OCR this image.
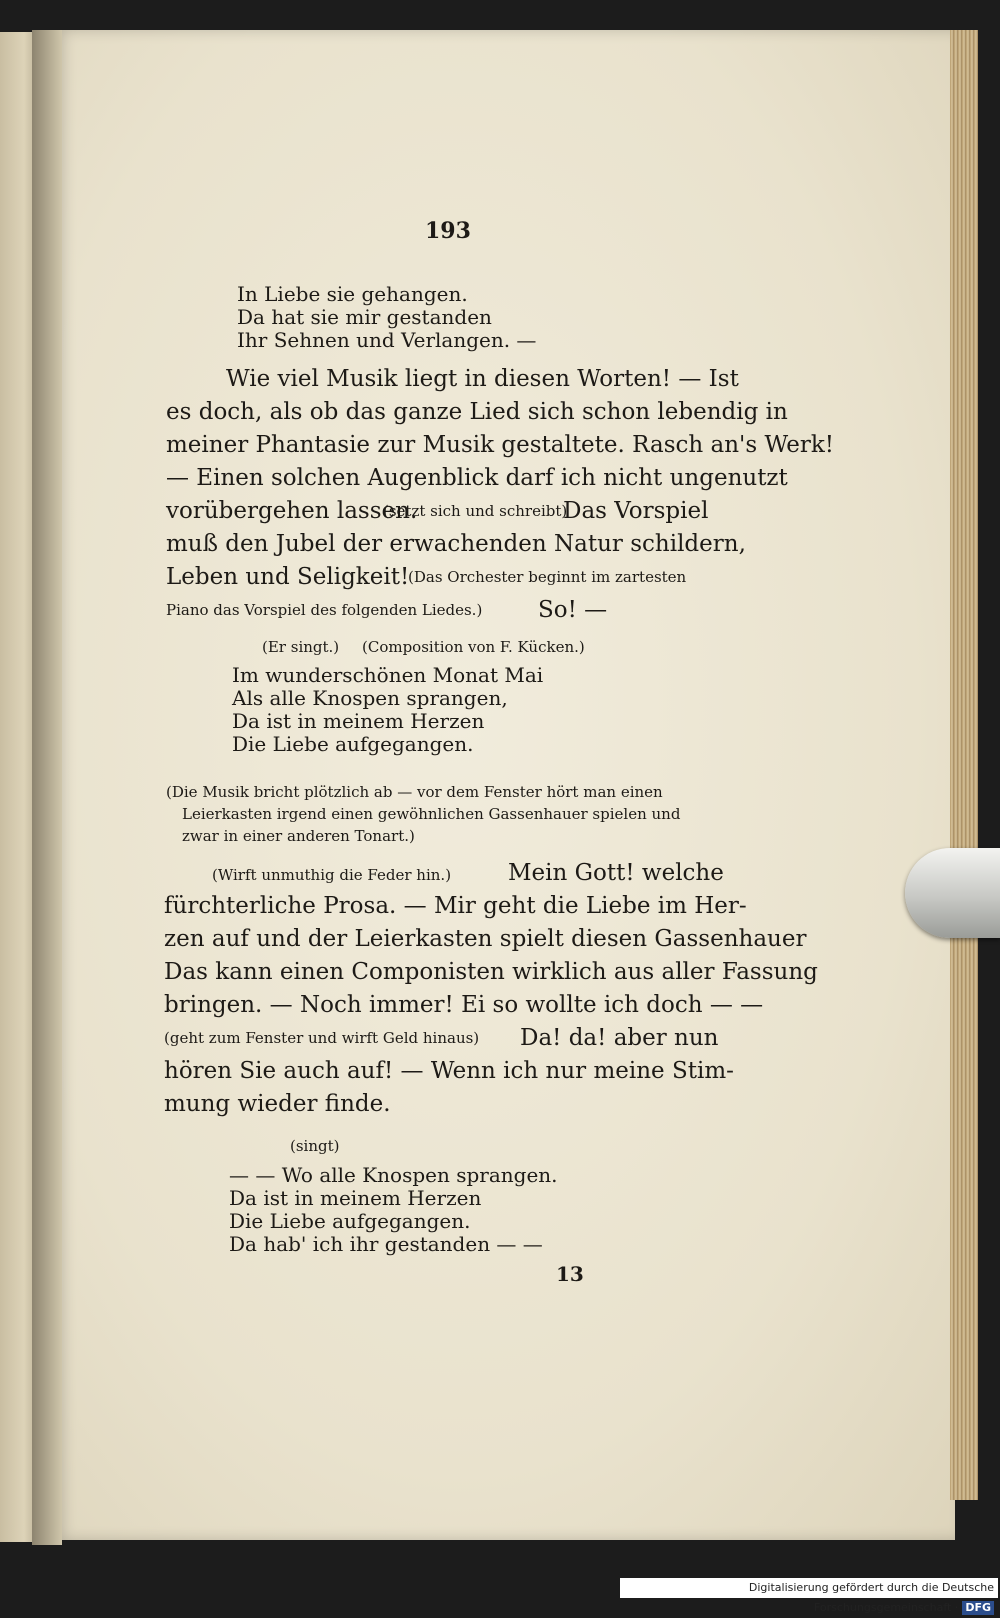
193
In Liebe sie gehangen.
Da hat sie mir gestanden
Ihr Sehnen und Verlangen. —
Wie viel Musik liegt in diesen Worten! — Ist
es doch, als ob das ganze Lied sich schon lebendig in
meiner Phantasie zur Musik gestaltete. Rasch an's Werk!
— Einen solchen Augenblick darf ich nicht ungenutzt
vorübergehen lassen.
(setzt sich und schreibt)
Das Vorspiel
muß den Jubel der erwachenden Natur schildern,
Leben und Seligkeit!
(Das Orchester beginnt im zartesten
Piano das Vorspiel des folgenden Liedes.) So! —
(Er singt.) (Composition von F. Kücken.)
Im wunderschönen Monat Mai
Als alle Knospen sprangen,
Da ist in meinem Herzen
Die Liebe aufgegangen.
(Die Musik bricht plötzlich ab — vor dem Fenster hört man einen
Leierkasten irgend einen gewöhnlichen Gassenhauer spielen und
zwar in einer anderen Tonart.)
(Wirft unmuthig die Feder hin.) Mein Gott! welche
fürchterliche Prosa. — Mir geht die Liebe im Her-
zen auf und der Leierkasten spielt diesen Gassenhauer
Das kann einen Componisten wirklich aus aller Fassung
bringen. — Noch immer! Ei so wollte ich doch — —
(geht zum Fenster und wirft Geld hinaus) Da! da! aber nun
hören Sie auch auf! — Wenn ich nur meine Stim-
mung wieder finde.
(singt)
— — Wo alle Knospen sprangen.
Da ist in meinem Herzen
Die Liebe aufgegangen.
Da hab' ich ihr gestanden — —
13
Digitalisierung gefördert durch die Deutsche Forschungsgemeinschaft · DFG
